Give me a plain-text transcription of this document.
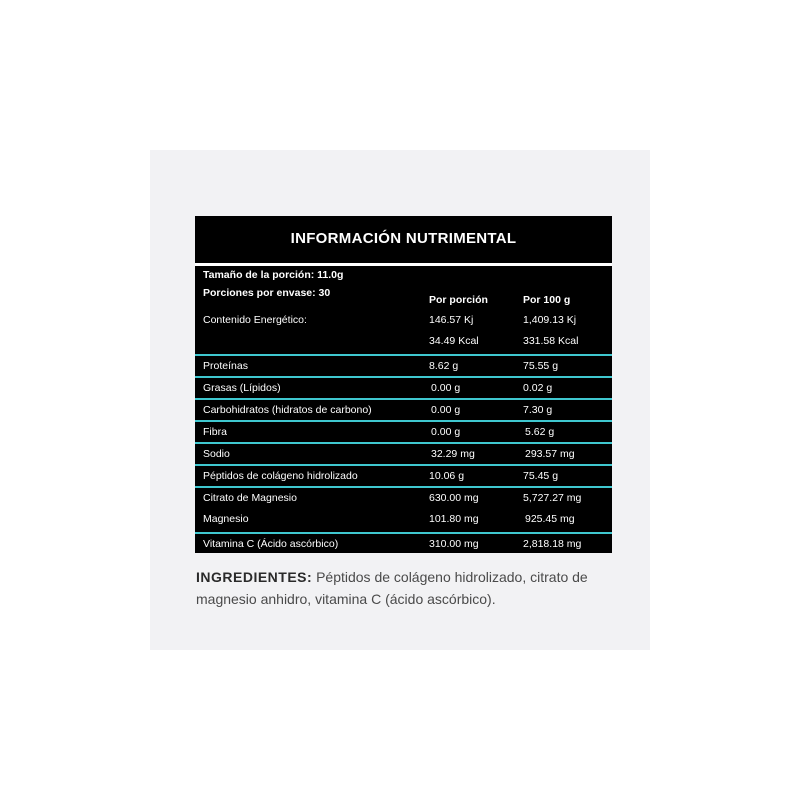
INFORMACIÓN NUTRIMENTAL
Tamaño de la porción: 11.0g
Porciones por envase: 30
Por porción	Por 100 g
Contenido Energético:	146.57 Kj	1,409.13 Kj
34.49 Kcal	331.58 Kcal
Proteínas	8.62 g	75.55 g
Grasas (Lípidos)	0.00 g	0.02 g
Carbohidratos (hidratos de carbono)	0.00 g	7.30 g
Fibra	0.00 g	5.62 g
Sodio	32.29 mg	293.57 mg
Péptidos de colágeno hidrolizado	10.06 g	75.45 g
Citrato de Magnesio	630.00 mg	5,727.27 mg
Magnesio	101.80 mg	925.45 mg
Vitamina C (Ácido ascórbico)	310.00 mg	2,818.18 mg
INGREDIENTES: Péptidos de colágeno hidrolizado, citrato de magnesio anhidro, vitamina C (ácido ascórbico).
